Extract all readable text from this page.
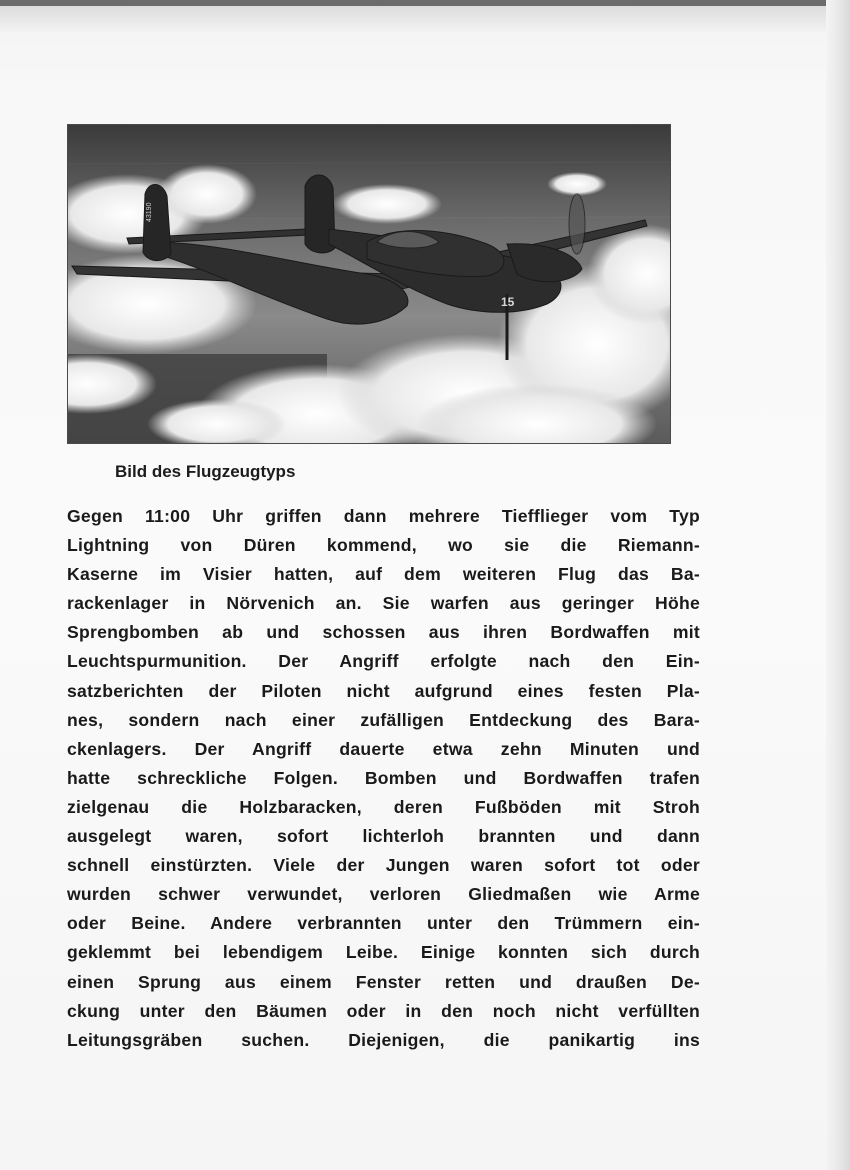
15
43190

Bild des Flugzeugtyps

Gegen 11:00 Uhr griffen dann mehrere Tiefflieger vom Typ
Lightning von Düren kommend, wo sie die Riemann-
Kaserne im Visier hatten, auf dem weiteren Flug das Ba-
rackenlager in Nörvenich an. Sie warfen aus geringer Höhe
Sprengbomben ab und schossen aus ihren Bordwaffen mit
Leuchtspurmunition. Der Angriff erfolgte nach den Ein-
satzberichten der Piloten nicht aufgrund eines festen Pla-
nes, sondern nach einer zufälligen Entdeckung des Bara-
ckenlagers. Der Angriff dauerte etwa zehn Minuten und
hatte schreckliche Folgen. Bomben und Bordwaffen trafen
zielgenau die Holzbaracken, deren Fußböden mit Stroh
ausgelegt waren, sofort lichterloh brannten und dann
schnell einstürzten. Viele der Jungen waren sofort tot oder
wurden schwer verwundet, verloren Gliedmaßen wie Arme
oder Beine. Andere verbrannten unter den Trümmern ein-
geklemmt bei lebendigem Leibe. Einige konnten sich durch
einen Sprung aus einem Fenster retten und draußen De-
ckung unter den Bäumen oder in den noch nicht verfüllten
Leitungsgräben suchen. Diejenigen, die panikartig ins
